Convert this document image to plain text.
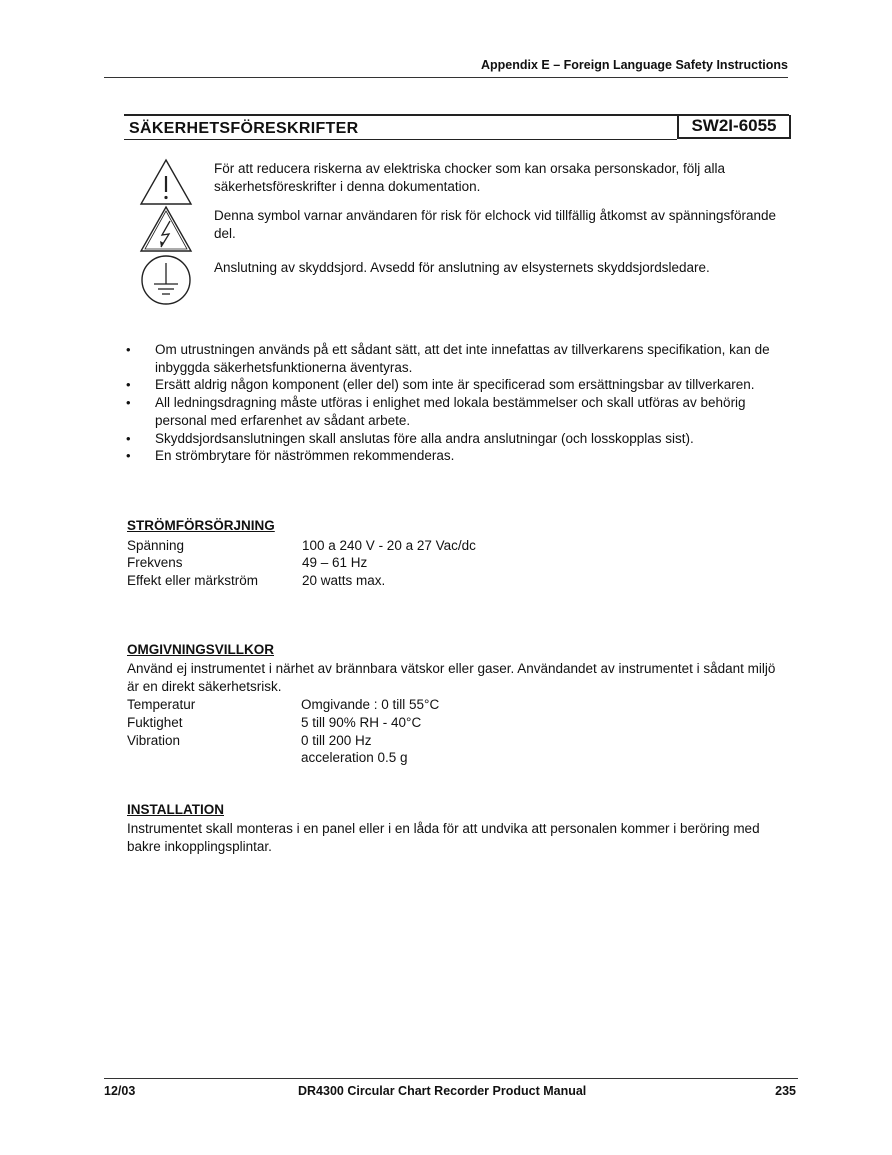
Appendix E – Foreign Language Safety Instructions
SÄKERHETSFÖRESKRIFTER	SW2I-6055
För att reducera riskerna av elektriska chocker som kan orsaka personskador, följ alla säkerhetsföreskrifter i denna dokumentation.
Denna symbol varnar användaren för risk för elchock vid tillfällig åtkomst av spänningsförande del.
Anslutning av skyddsjord. Avsedd för anslutning av elsysternets skyddsjordsledare.
• Om utrustningen används på ett sådant sätt, att det inte innefattas av tillverkarens specifikation, kan de inbyggda säkerhetsfunktionerna äventyras.
• Ersätt aldrig någon komponent (eller del) som inte är specificerad som ersättningsbar av tillverkaren.
• All ledningsdragning måste utföras i enlighet med lokala bestämmelser och skall utföras av behörig personal med erfarenhet av sådant arbete.
• Skyddsjordsanslutningen skall anslutas före alla andra anslutningar (och losskopplas sist).
• En strömbrytare för näströmmen rekommenderas.
STRÖMFÖRSÖRJNING
Spänning	100 a 240 V - 20 a 27 Vac/dc
Frekvens	49 – 61 Hz
Effekt eller märkström	20 watts max.
OMGIVNINGSVILLKOR
Använd ej instrumentet i närhet av brännbara vätskor eller gaser. Användandet av instrumentet i sådant miljö är en direkt säkerhetsrisk.
Temperatur	Omgivande : 0 till 55°C
Fuktighet	5 till 90% RH - 40°C
Vibration	0 till 200 Hz
acceleration 0.5 g
INSTALLATION
Instrumentet skall monteras i en panel eller i en låda för att undvika att personalen kommer i beröring med bakre inkopplingsplintar.
12/03	DR4300 Circular Chart Recorder Product Manual	235
